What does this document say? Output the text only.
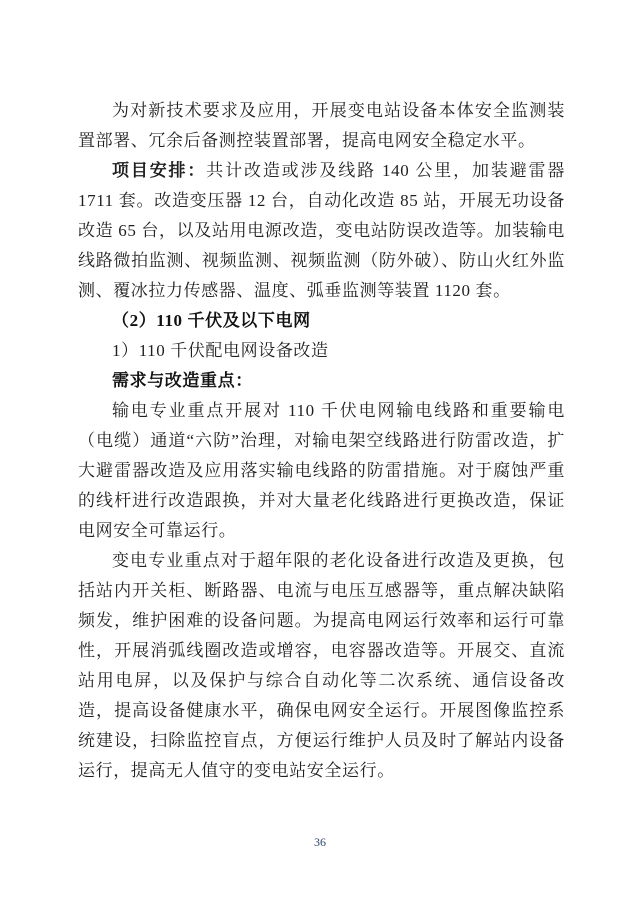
为对新技术要求及应用，开展变电站设备本体安全监测装置部署、冗余后备测控装置部署，提高电网安全稳定水平。

项目安排：共计改造或涉及线路 140 公里，加装避雷器 1711 套。改造变压器 12 台，自动化改造 85 站，开展无功设备改造 65 台，以及站用电源改造，变电站防误改造等。加装输电线路微拍监测、视频监测、视频监测（防外破）、防山火红外监测、覆冰拉力传感器、温度、弧垂监测等装置 1120 套。

（2）110 千伏及以下电网

1）110 千伏配电网设备改造

需求与改造重点：

输电专业重点开展对 110 千伏电网输电线路和重要输电（电缆）通道“六防”治理，对输电架空线路进行防雷改造，扩大避雷器改造及应用落实输电线路的防雷措施。对于腐蚀严重的线杆进行改造跟换，并对大量老化线路进行更换改造，保证电网安全可靠运行。

变电专业重点对于超年限的老化设备进行改造及更换，包括站内开关柜、断路器、电流与电压互感器等，重点解决缺陷频发，维护困难的设备问题。为提高电网运行效率和运行可靠性，开展消弧线圈改造或增容，电容器改造等。开展交、直流站用电屏，以及保护与综合自动化等二次系统、通信设备改造，提高设备健康水平，确保电网安全运行。开展图像监控系统建设，扫除监控盲点，方便运行维护人员及时了解站内设备运行，提高无人值守的变电站安全运行。

36
